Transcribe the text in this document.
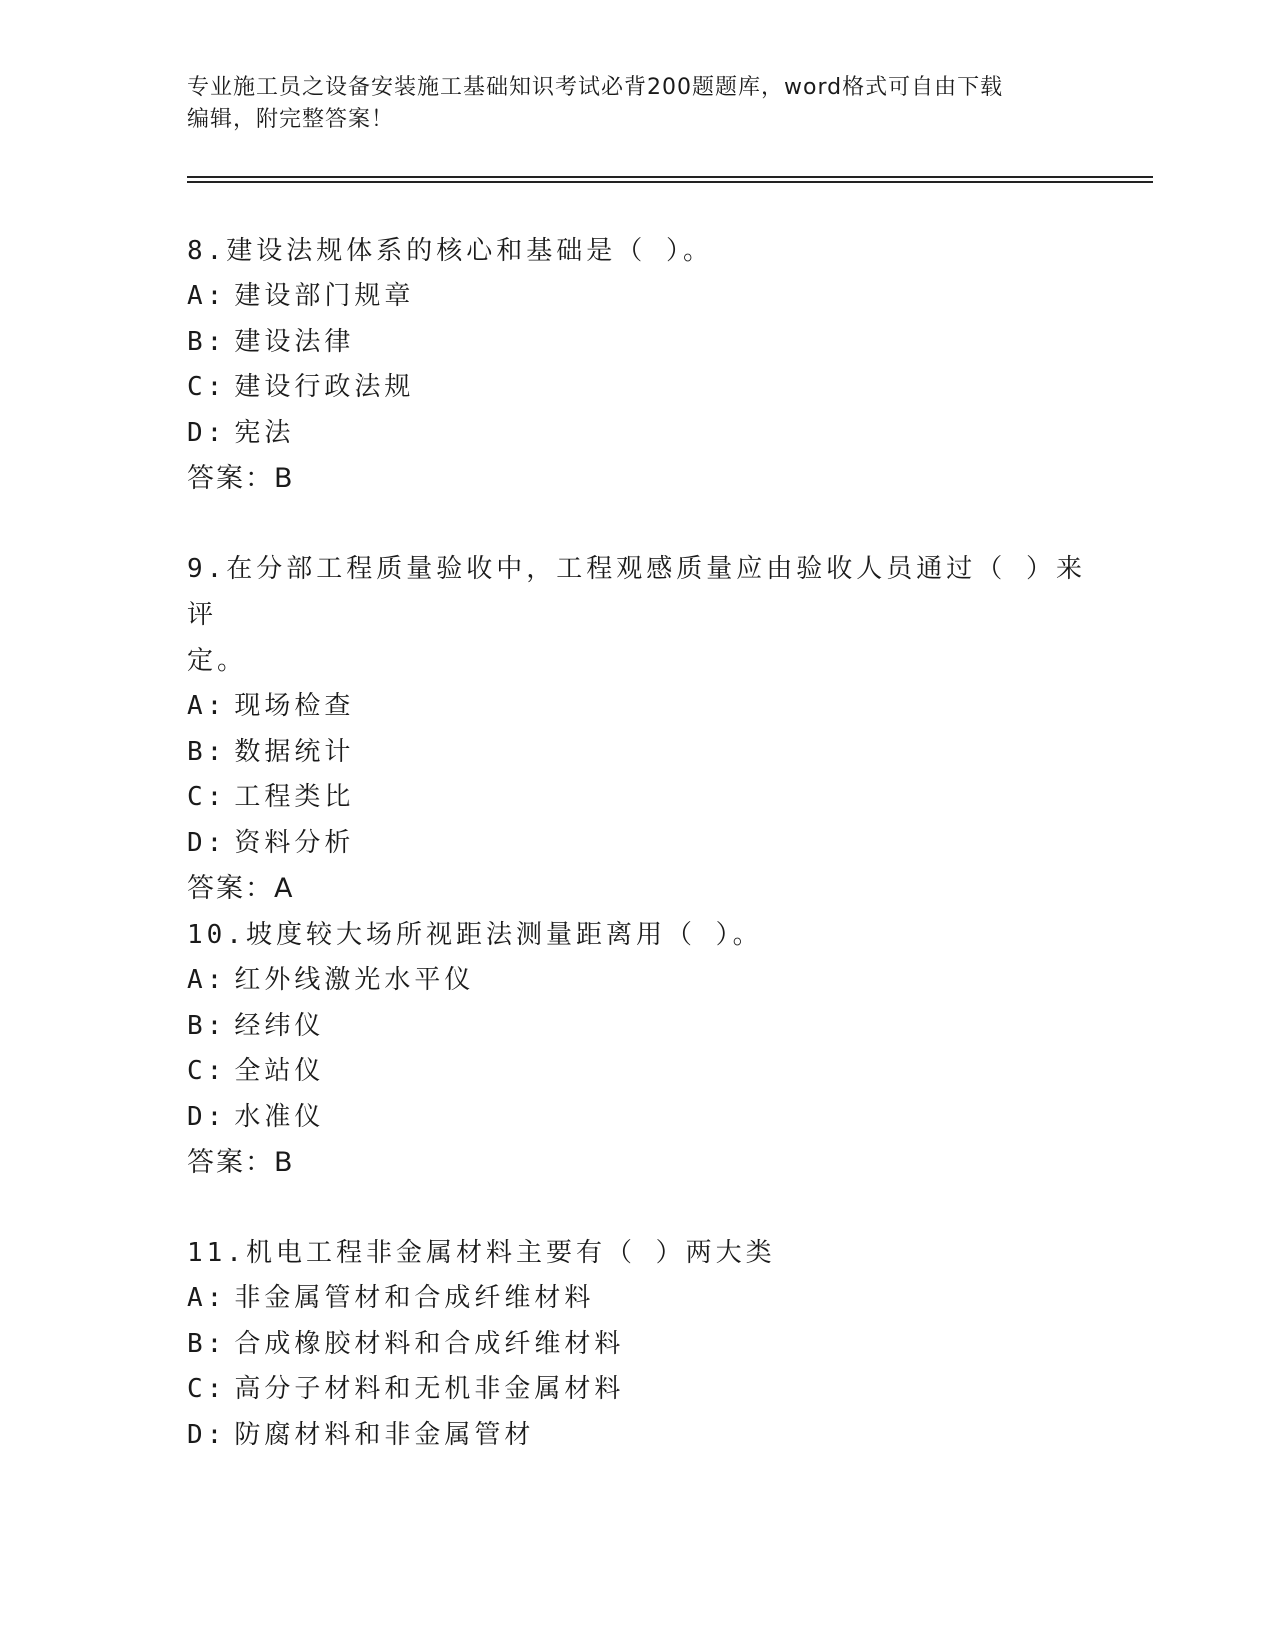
专业施工员之设备安装施工基础知识考试必背200题题库，word格式可自由下载
编辑，附完整答案！

8.建设法规体系的核心和基础是（ ）。

A: 建设部门规章

B: 建设法律

C: 建设行政法规

D: 宪法

答案：B

9.在分部工程质量验收中，工程观感质量应由验收人员通过（ ）来评

定。

A: 现场检查

B: 数据统计

C: 工程类比

D: 资料分析

答案：A

10.坡度较大场所视距法测量距离用（ ）。

A: 红外线激光水平仪

B: 经纬仪

C: 全站仪

D: 水准仪

答案：B

11.机电工程非金属材料主要有（ ）两大类

A: 非金属管材和合成纤维材料

B: 合成橡胶材料和合成纤维材料

C: 高分子材料和无机非金属材料

D: 防腐材料和非金属管材
